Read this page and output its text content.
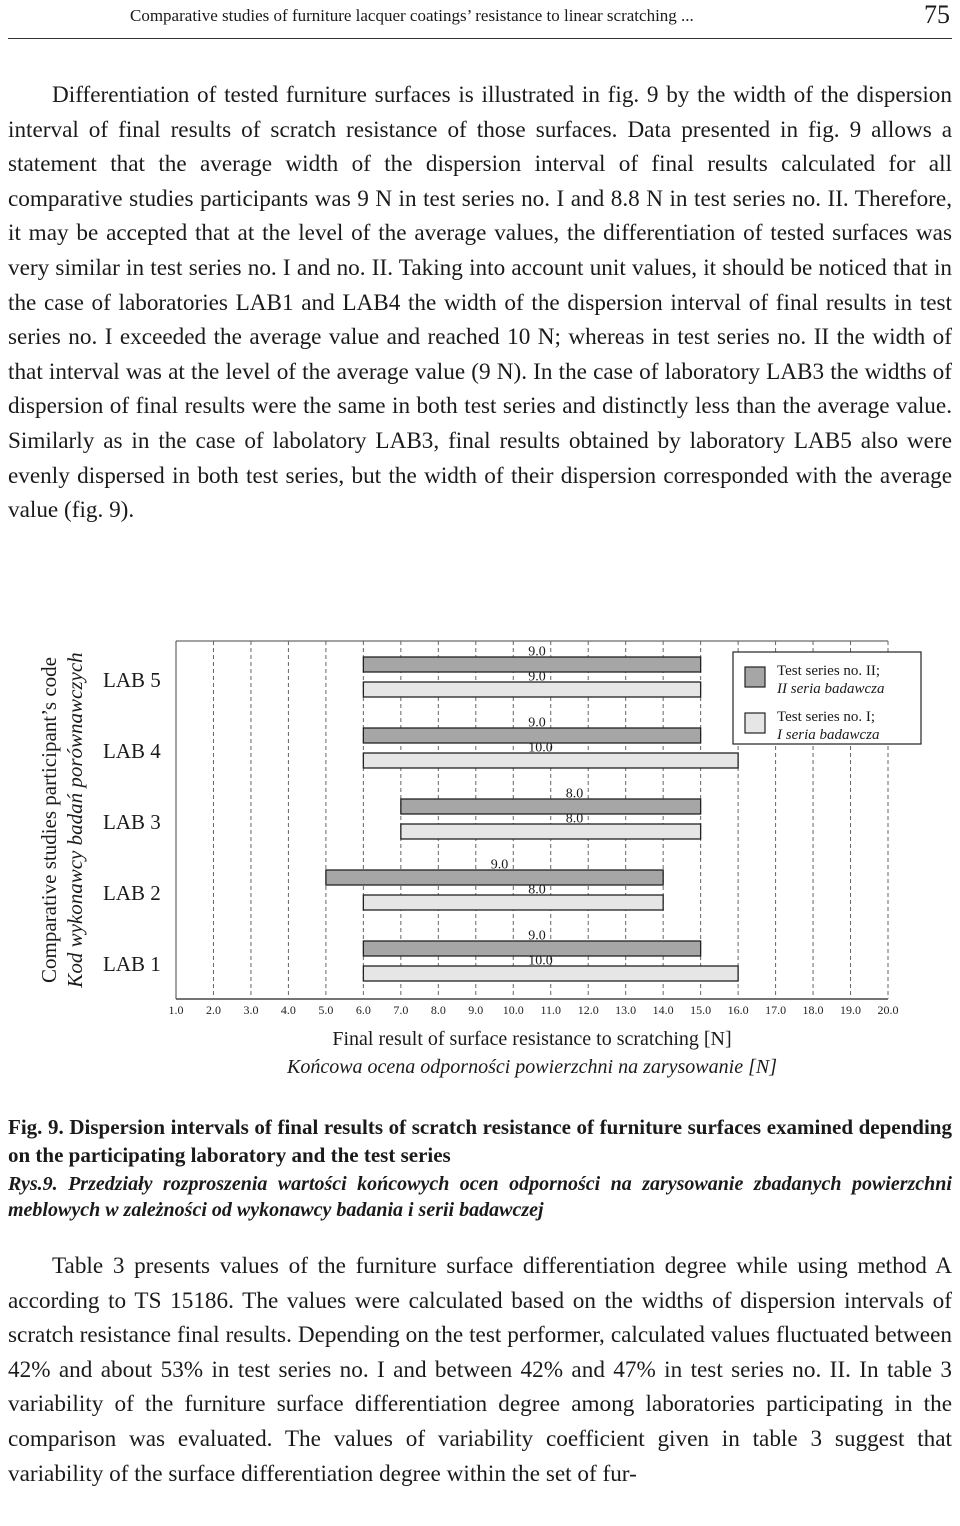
Comparative studies of furniture lacquer coatings’ resistance to linear scratching ...	75

Differentiation of tested furniture surfaces is illustrated in fig. 9 by the width of the dispersion interval of final results of scratch resistance of those surfaces. Data presented in fig. 9 allows a statement that the average width of the dispersion interval of final results calculated for all comparative studies participants was 9 N in test series no. I and 8.8 N in test series no. II. Therefore, it may be accepted that at the level of the average values, the differentiation of tested surfaces was very similar in test series no. I and no. II. Taking into account unit values, it should be noticed that in the case of laboratories LAB1 and LAB4 the width of the dispersion interval of final results in test series no. I exceeded the average value and reached 10 N; whereas in test series no. II the width of that interval was at the level of the average value (9 N). In the case of laboratory LAB3 the widths of dispersion of final results were the same in both test series and distinctly less than the average value. Similarly as in the case of labolatory LAB3, final results obtained by laboratory LAB5 also were evenly dispersed in both test series, but the width of their dispersion corresponded with the average value (fig. 9).

1.0 2.0 3.0 4.0 5.0 6.0 7.0 8.0 9.0 10.0 11.0 12.0 13.0 14.0 15.0 16.0 17.0 18.0 19.0 20.0
LAB 5
9.0
9.0
LAB 4
9.0
10.0
LAB 3
8.0
8.0
LAB 2
9.0
8.0
LAB 1
9.0
10.0
Test series no. II;
II seria badawcza
Test series no. I;
I seria badawcza
Final result of surface resistance to scratching [N]
Końcowa ocena odporności powierzchni na zarysowanie [N]
Comparative studies participant’s code Kod wykonawcy badań porównawczych

Fig. 9. Dispersion intervals of final results of scratch resistance of furniture surfaces examined depending on the participating laboratory and the test series

Rys.9. Przedziały rozproszenia wartości końcowych ocen odporności na zarysowanie zbadanych powierzchni meblowych w zależności od wykonawcy badania i serii badawczej

Table 3 presents values of the furniture surface differentiation degree while using method A according to TS 15186. The values were calculated based on the widths of dispersion intervals of scratch resistance final results. Depending on the test performer, calculated values fluctuated between 42% and about 53% in test series no. I and between 42% and 47% in test series no. II. In table 3 variability of the furniture surface differentiation degree among laboratories participating in the comparison was evaluated. The values of variability coefficient given in table 3 suggest that variability of the surface differentiation degree within the set of fur-
